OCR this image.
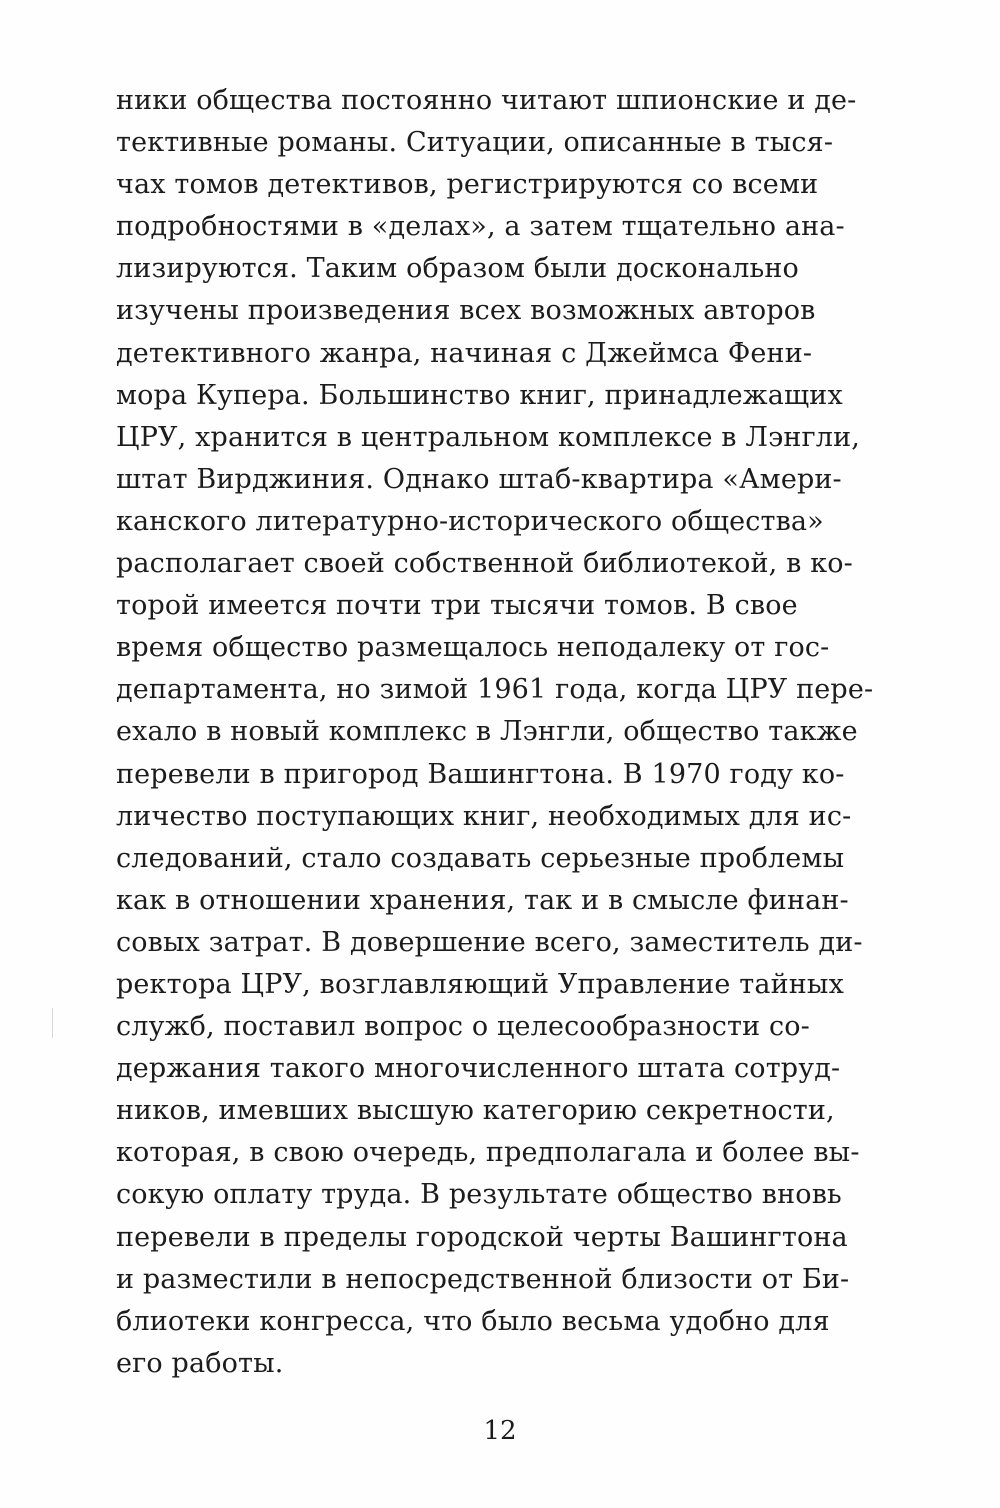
ники общества постоянно читают шпионские и де-
тективные романы. Ситуации, описанные в тыся-
чах томов детективов, регистрируются со всеми
подробностями в «делах», а затем тщательно ана-
лизируются. Таким образом были досконально
изучены произведения всех возможных авторов
детективного жанра, начиная с Джеймса Фени-
мора Купера. Большинство книг, принадлежащих
ЦРУ, хранится в центральном комплексе в Лэнгли,
штат Вирджиния. Однако штаб-квартира «Амери-
канского литературно-исторического общества»
располагает своей собственной библиотекой, в ко-
торой имеется почти три тысячи томов. В свое
время общество размещалось неподалеку от гос-
департамента, но зимой 1961 года, когда ЦРУ пере-
ехало в новый комплекс в Лэнгли, общество также
перевели в пригород Вашингтона. В 1970 году ко-
личество поступающих книг, необходимых для ис-
следований, стало создавать серьезные проблемы
как в отношении хранения, так и в смысле финан-
совых затрат. В довершение всего, заместитель ди-
ректора ЦРУ, возглавляющий Управление тайных
служб, поставил вопрос о целесообразности со-
держания такого многочисленного штата сотруд-
ников, имевших высшую категорию секретности,
которая, в свою очередь, предполагала и более вы-
сокую оплату труда. В результате общество вновь
перевели в пределы городской черты Вашингтона
и разместили в непосредственной близости от Би-
блиотеки конгресса, что было весьма удобно для
его работы.
12
